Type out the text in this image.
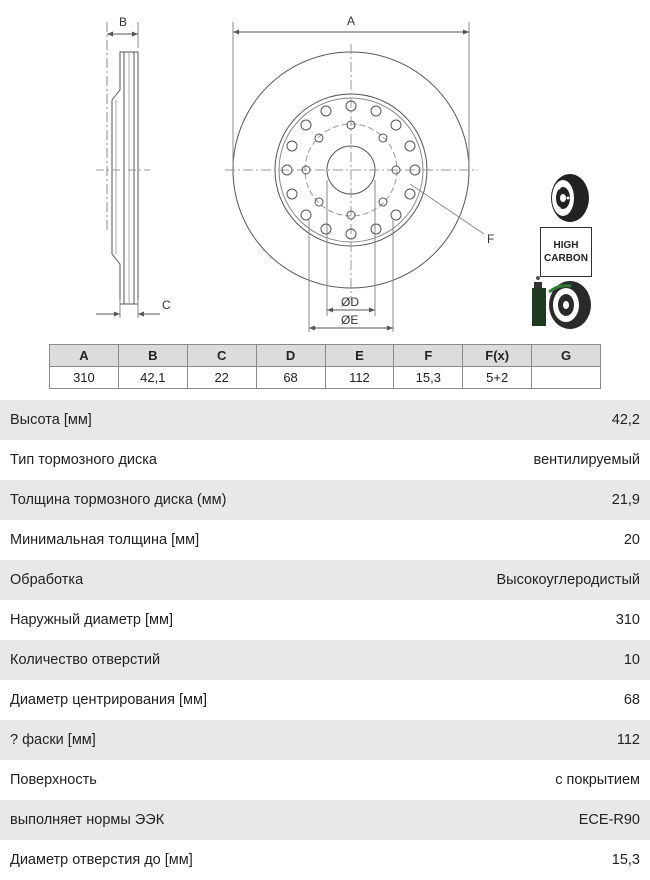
B	A
C	ØD
ØE
F	HIGH
CARBON
A	B	C	D	E	F	F(x)	G
310	42,1	22	68	112	15,3	5+2	
Высота [мм]	42,2
Тип тормозного диска	вентилируемый
Толщина тормозного диска (мм)	21,9
Минимальная толщина [мм]	20
Обработка	Высокоуглеродистый
Наружный диаметр [мм]	310
Количество отверстий	10
Диаметр центрирования [мм]	68
? фаски [мм]	112
Поверхность	с покрытием
выполняет нормы ЭЭК	ECE-R90
Диаметр отверстия до [мм]	15,3
